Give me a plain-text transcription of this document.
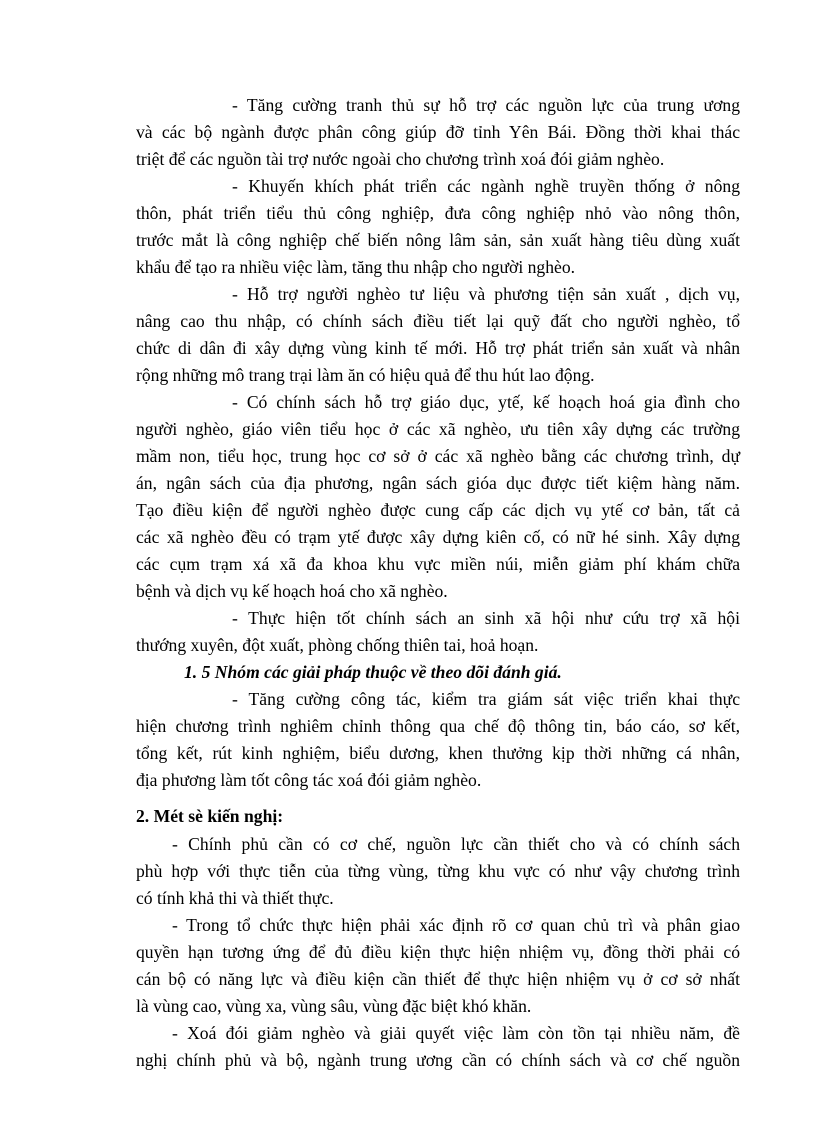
- Tăng cường tranh thủ sự hỗ trợ các nguồn lực của trung ương
và các bộ ngành được phân công giúp đỡ tỉnh Yên Bái. Đồng thời khai thác
triệt để các nguồn tài trợ nước ngoài cho chương trình xoá đói giảm nghèo.
- Khuyến khích phát triển các ngành nghề truyền thống ở nông
thôn, phát triển tiểu thủ công nghiệp, đưa công nghiệp nhỏ vào nông thôn,
trước mắt là công nghiệp chế biến nông lâm sản, sản xuất hàng tiêu dùng xuất
khẩu để tạo ra nhiều việc làm, tăng thu nhập cho người nghèo.
- Hỗ trợ người nghèo tư liệu và phương tiện sản xuất , dịch vụ,
nâng cao thu nhập, có chính sách điều tiết lại quỹ đất cho người nghèo, tổ
chức di dân đi xây dựng vùng kinh tế mới. Hỗ trợ phát triển sản xuất và nhân
rộng những mô trang trại làm ăn có hiệu quả để thu hút lao động.
- Có chính sách hỗ trợ giáo dục, ytế, kế hoạch hoá gia đình cho
người nghèo, giáo viên tiểu học ở các xã nghèo, ưu tiên xây dựng các trường
mầm non, tiểu học, trung học cơ sở ở các xã nghèo bằng các chương trình, dự
án, ngân sách của địa phương, ngân sách gióa dục được tiết kiệm hàng năm.
Tạo điều kiện để người nghèo được cung cấp các dịch vụ ytế cơ bản, tất cả
các xã nghèo đều có trạm ytế được xây dựng kiên cố, có nữ hé sinh. Xây dựng
các cụm trạm xá xã đa khoa khu vực miền núi, miễn giảm phí khám chữa
bệnh và dịch vụ kế hoạch hoá cho xã nghèo.
- Thực hiện tốt chính sách an sinh xã hội như cứu trợ xã hội
thướng xuyên, đột xuất, phòng chống thiên tai, hoả hoạn.
1. 5 Nhóm các giải pháp thuộc về theo dõi đánh giá.
- Tăng cường công tác, kiểm tra giám sát việc triển khai thực
hiện chương trình nghiêm chỉnh thông qua chế độ thông tin, báo cáo, sơ kết,
tổng kết, rút kinh nghiệm, biểu dương, khen thưởng kịp thời những cá nhân,
địa phương làm tốt công tác xoá đói giảm nghèo.
2. Mét sè kiến nghị:
- Chính phủ cần có cơ chế, nguồn lực cần thiết cho và có chính sách
phù hợp với thực tiễn của từng vùng, từng khu vực có như vậy chương trình
có tính khả thi và thiết thực.
- Trong tổ chức thực hiện phải xác định rõ cơ quan chủ trì và phân giao
quyền hạn tương ứng để đủ điều kiện thực hiện nhiệm vụ, đồng thời phải có
cán bộ có năng lực và điều kiện cần thiết để thực hiện nhiệm vụ ở cơ sở nhất
là vùng cao, vùng xa, vùng sâu, vùng đặc biệt khó khăn.
- Xoá đói giảm nghèo và giải quyết việc làm còn tồn tại nhiều năm, đề
nghị chính phủ và bộ, ngành trung ương cần có chính sách và cơ chế nguồn
